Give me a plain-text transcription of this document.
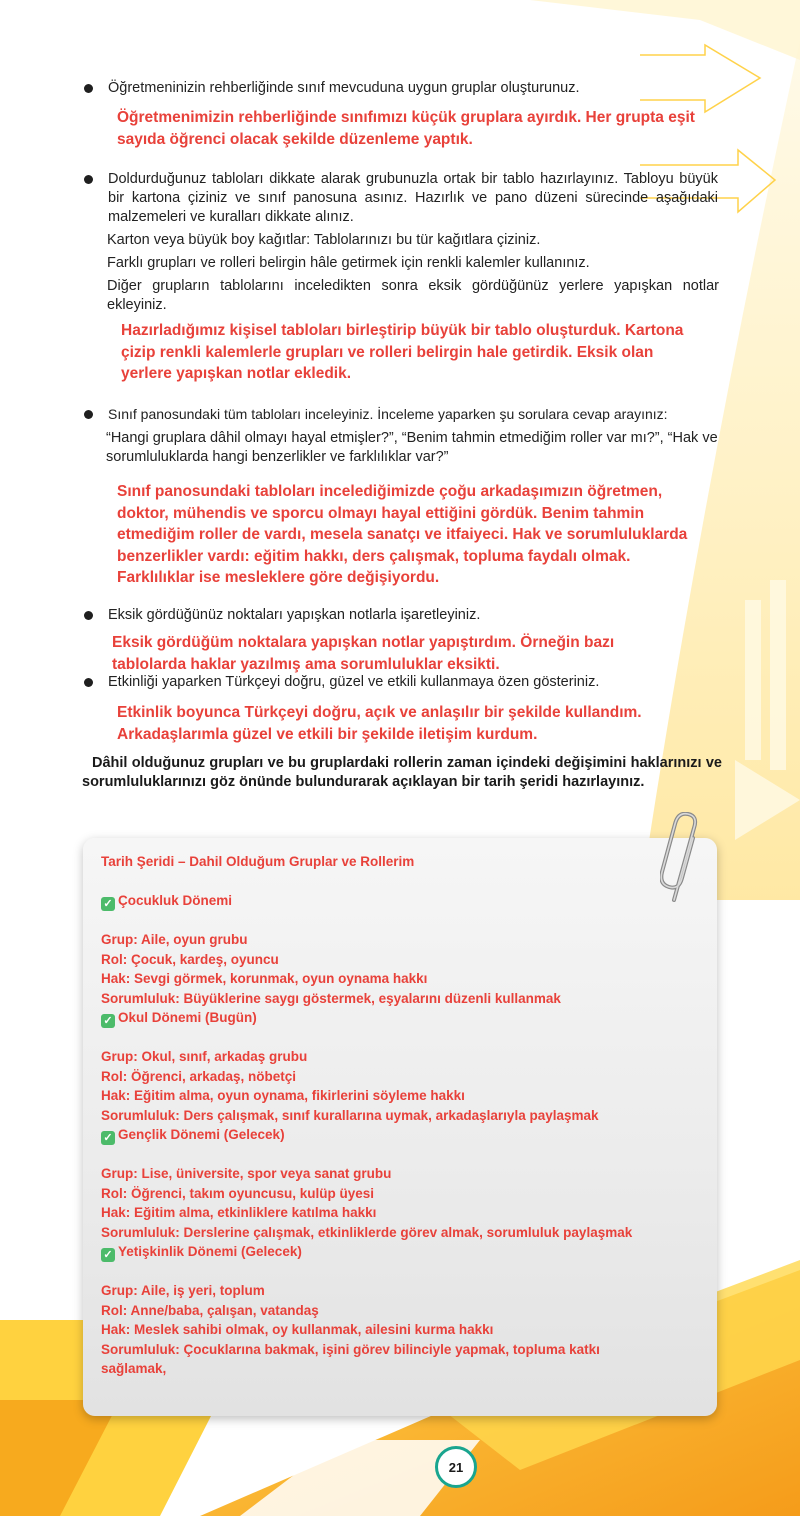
Öğretmeninizin rehberliğinde sınıf mevcuduna uygun gruplar oluşturunuz.
Öğretmenimizin rehberliğinde sınıfımızı küçük gruplara ayırdık. Her grupta eşit sayıda öğrenci olacak şekilde düzenleme yaptık.
Doldurduğunuz tabloları dikkate alarak grubunuzla ortak bir tablo hazırlayınız. Tabloyu büyük bir kartona çiziniz ve sınıf panosuna asınız. Hazırlık ve pano düzeni sürecinde aşağıdaki malzemeleri ve kuralları dikkate alınız.
Karton veya büyük boy kağıtlar: Tablolarınızı bu tür kağıtlara çiziniz.
Farklı grupları ve rolleri belirgin hâle getirmek için renkli kalemler kullanınız.
Diğer grupların tablolarını inceledikten sonra eksik gördüğünüz yerlere yapışkan notlar ekleyiniz.
Hazırladığımız kişisel tabloları birleştirip büyük bir tablo oluşturduk. Kartona çizip renkli kalemlerle grupları ve rolleri belirgin hale getirdik. Eksik olan yerlere yapışkan notlar ekledik.
Sınıf panosundaki tüm tabloları inceleyiniz. İnceleme yaparken şu sorulara cevap arayınız:
“Hangi gruplara dâhil olmayı hayal etmişler?”, “Benim tahmin etmediğim roller var mı?”, “Hak ve sorumluluklarda hangi benzerlikler ve farklılıklar var?”
Sınıf panosundaki tabloları incelediğimizde çoğu arkadaşımızın öğretmen, doktor, mühendis ve sporcu olmayı hayal ettiğini gördük. Benim tahmin etmediğim roller de vardı, mesela sanatçı ve itfaiyeci. Hak ve sorumluluklarda benzerlikler vardı: eğitim hakkı, ders çalışmak, topluma faydalı olmak. Farklılıklar ise mesleklere göre değişiyordu.
Eksik gördüğünüz noktaları yapışkan notlarla işaretleyiniz.
Eksik gördüğüm noktalara yapışkan notlar yapıştırdım. Örneğin bazı tablolarda haklar yazılmış ama sorumluluklar eksikti.
Etkinliği yaparken Türkçeyi doğru, güzel ve etkili kullanmaya özen gösteriniz.
Etkinlik boyunca Türkçeyi doğru, açık ve anlaşılır bir şekilde kullandım. Arkadaşlarımla güzel ve etkili bir şekilde iletişim kurdum.
Dâhil olduğunuz grupları ve bu gruplardaki rollerin zaman içindeki değişimini haklarınızı ve sorumluluklarınızı göz önünde bulundurarak açıklayan bir tarih şeridi hazırlayınız.
Tarih Şeridi – Dahil Olduğum Gruplar ve Rollerim
✓ Çocukluk Dönemi
Grup: Aile, oyun grubu
Rol: Çocuk, kardeş, oyuncu
Hak: Sevgi görmek, korunmak, oyun oynama hakkı
Sorumluluk: Büyüklerine saygı göstermek, eşyalarını düzenli kullanmak
✓ Okul Dönemi (Bugün)
Grup: Okul, sınıf, arkadaş grubu
Rol: Öğrenci, arkadaş, nöbetçi
Hak: Eğitim alma, oyun oynama, fikirlerini söyleme hakkı
Sorumluluk: Ders çalışmak, sınıf kurallarına uymak, arkadaşlarıyla paylaşmak
✓ Gençlik Dönemi (Gelecek)
Grup: Lise, üniversite, spor veya sanat grubu
Rol: Öğrenci, takım oyuncusu, kulüp üyesi
Hak: Eğitim alma, etkinliklere katılma hakkı
Sorumluluk: Derslerine çalışmak, etkinliklerde görev almak, sorumluluk paylaşmak
✓ Yetişkinlik Dönemi (Gelecek)
Grup: Aile, iş yeri, toplum
Rol: Anne/baba, çalışan, vatandaş
Hak: Meslek sahibi olmak, oy kullanmak, ailesini kurma hakkı
Sorumluluk: Çocuklarına bakmak, işini görev bilinciyle yapmak, topluma katkı sağlamak,
21
